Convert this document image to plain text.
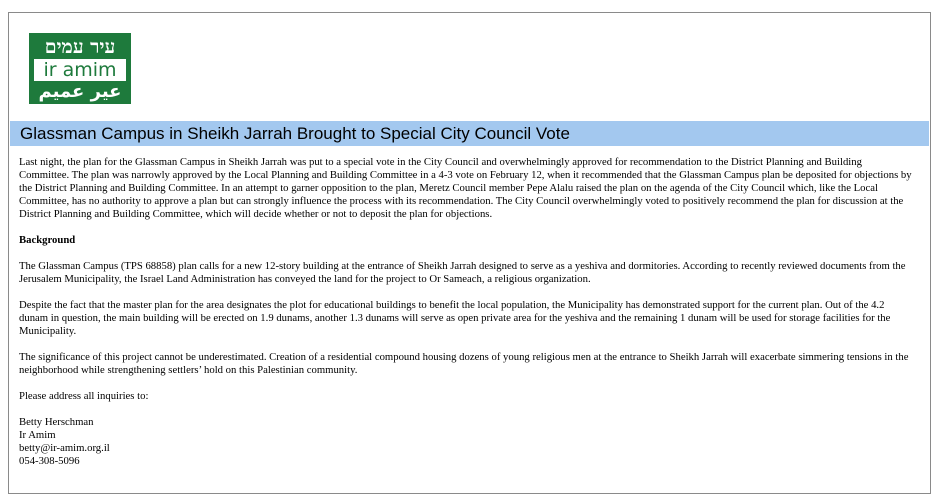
עיר עמים
ir amim
عير عميم
Glassman Campus in Sheikh Jarrah Brought to Special City Council Vote

Last night, the plan for the Glassman Campus in Sheikh Jarrah was put to a special vote in the City Council and overwhelmingly approved for recommendation to the District Planning and Building Committee. The plan was narrowly approved by the Local Planning and Building Committee in a 4-3 vote on February 12, when it recommended that the Glassman Campus plan be deposited for objections by the District Planning and Building Committee. In an attempt to garner opposition to the plan, Meretz Council member Pepe Alalu raised the plan on the agenda of the City Council which, like the Local Committee, has no authority to approve a plan but can strongly influence the process with its recommendation. The City Council overwhelmingly voted to positively recommend the plan for discussion at the District Planning and Building Committee, which will decide whether or not to deposit the plan for objections.

Background

The Glassman Campus (TPS 68858) plan calls for a new 12-story building at the entrance of Sheikh Jarrah designed to serve as a yeshiva and dormitories. According to recently reviewed documents from the Jerusalem Municipality, the Israel Land Administration has conveyed the land for the project to Or Sameach, a religious organization.

Despite the fact that the master plan for the area designates the plot for educational buildings to benefit the local population, the Municipality has demonstrated support for the current plan. Out of the 4.2 dunam in question, the main building will be erected on 1.9 dunams, another 1.3 dunams will serve as open private area for the yeshiva and the remaining 1 dunam will be used for storage facilities for the Municipality.

The significance of this project cannot be underestimated. Creation of a residential compound housing dozens of young religious men at the entrance to Sheikh Jarrah will exacerbate simmering tensions in the neighborhood while strengthening settlers’ hold on this Palestinian community.

Please address all inquiries to:

Betty Herschman
Ir Amim
betty@ir-amim.org.il
054-308-5096
